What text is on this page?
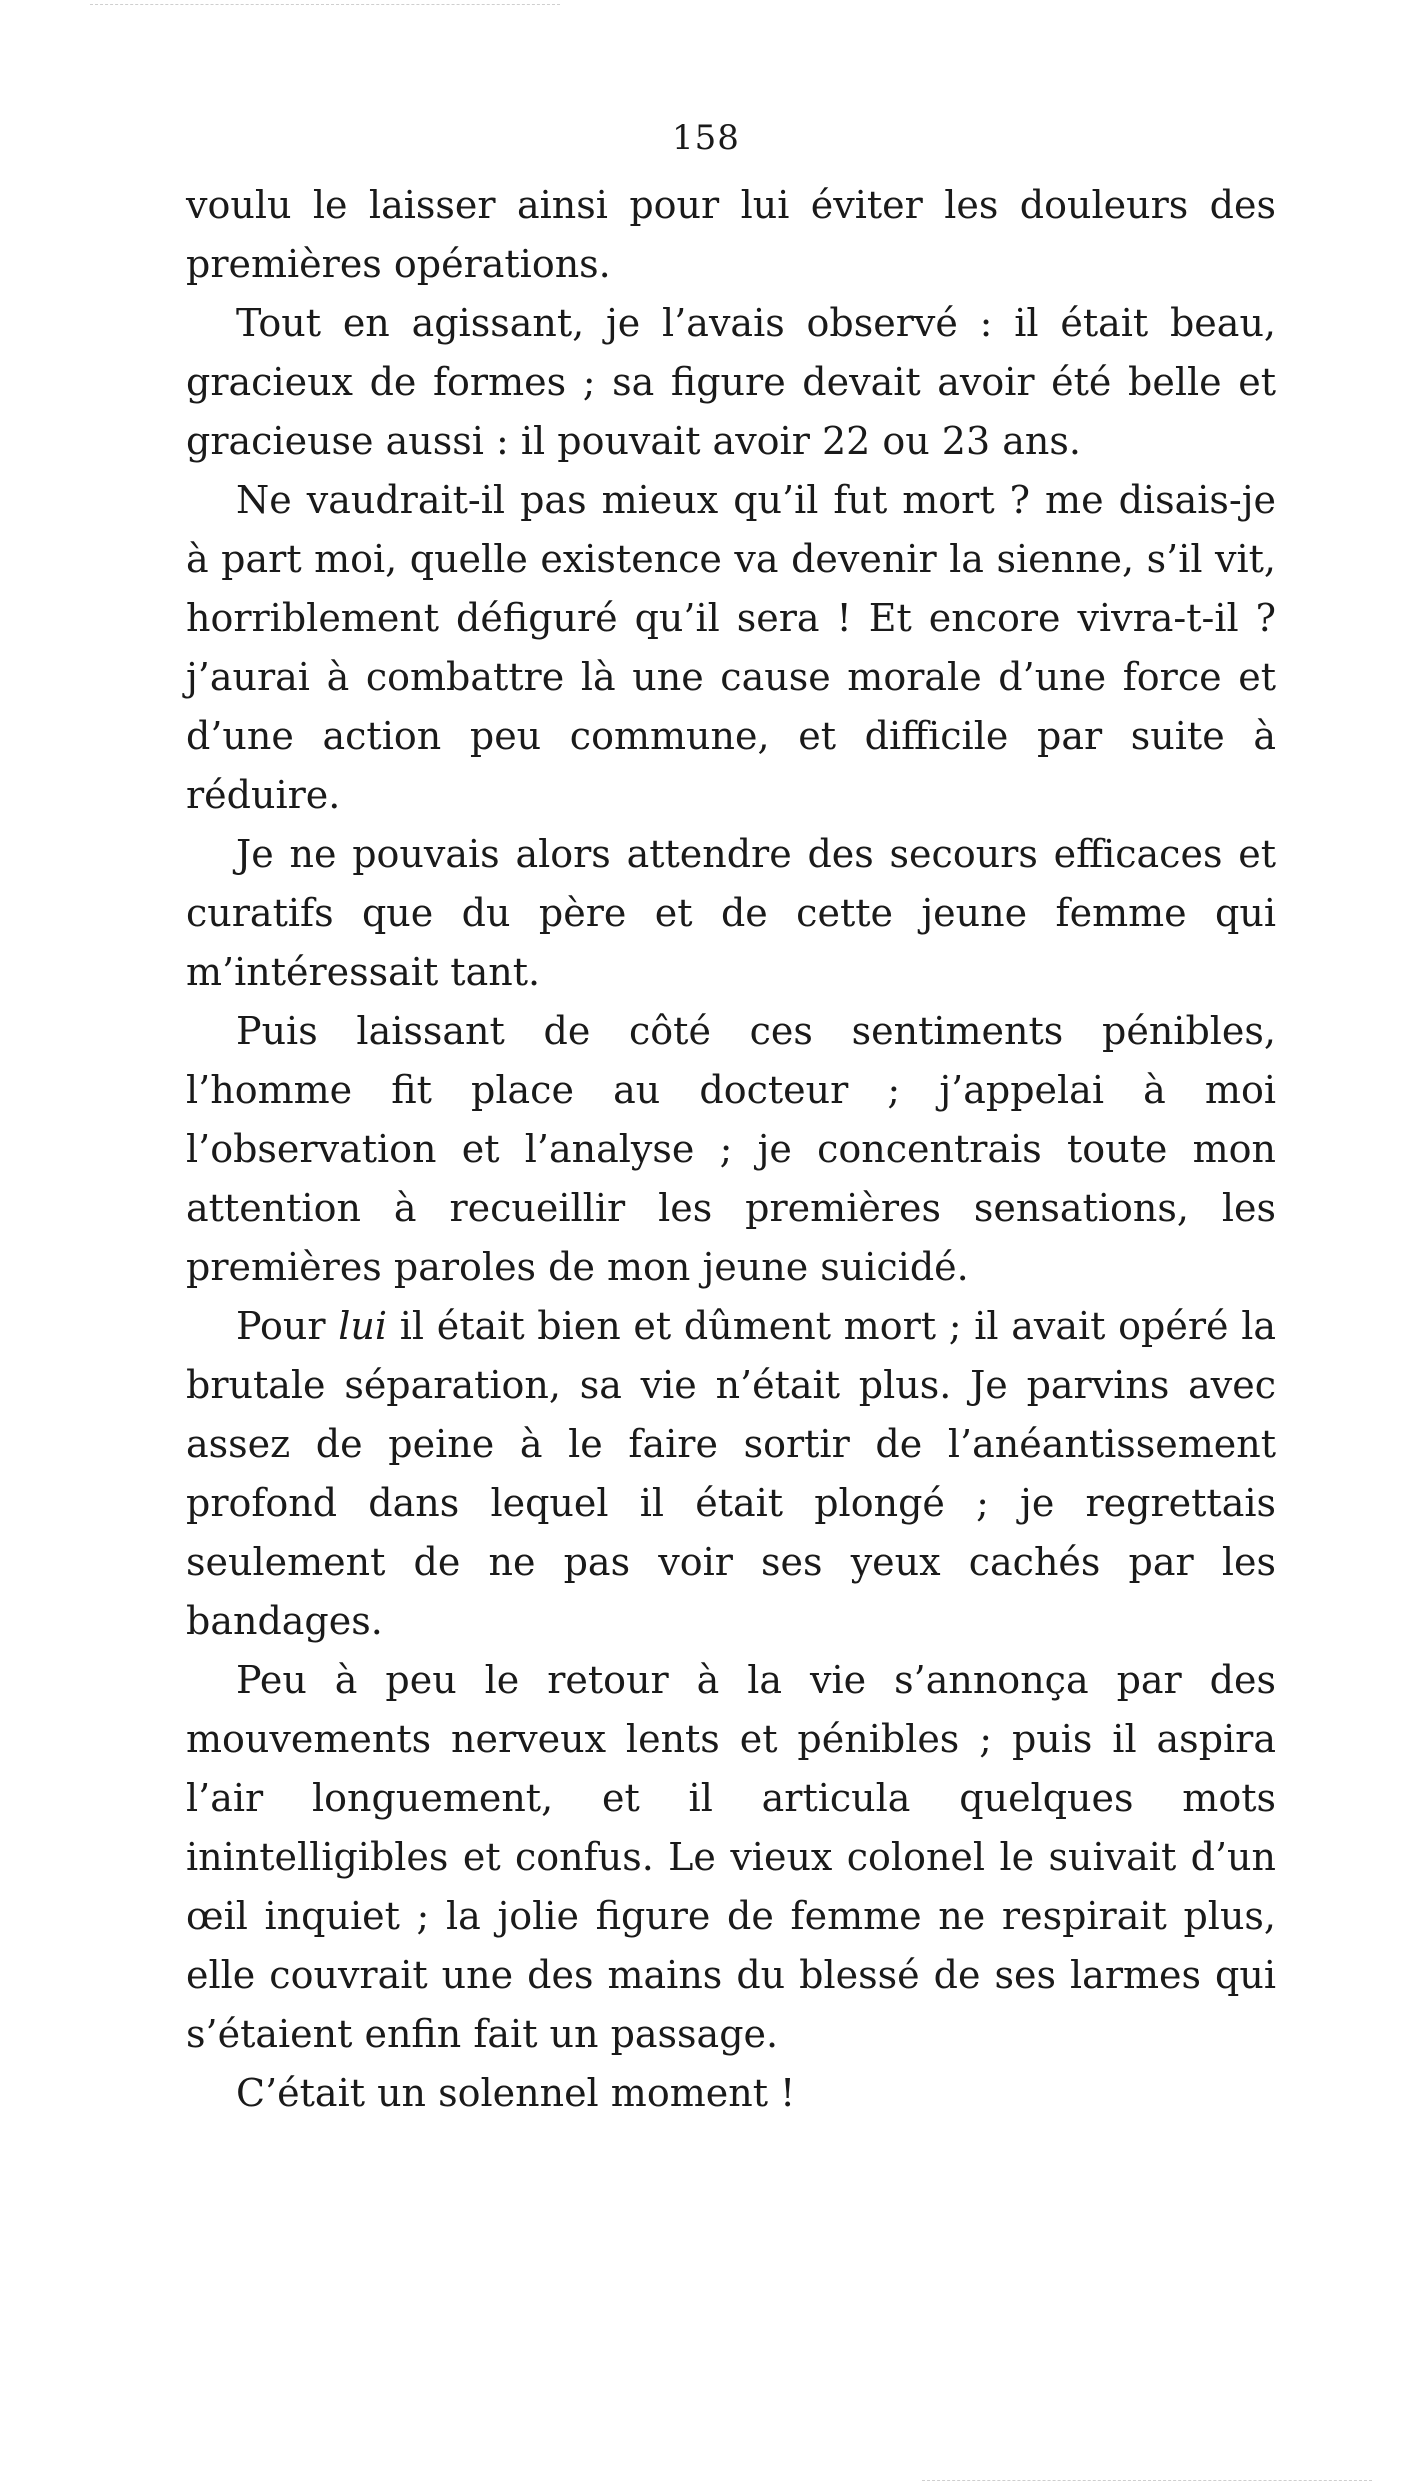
158

voulu le laisser ainsi pour lui éviter les douleurs des premières opérations.

Tout en agissant, je l’avais observé : il était beau, gracieux de formes ; sa figure devait avoir été belle et gracieuse aussi : il pouvait avoir 22 ou 23 ans.

Ne vaudrait-il pas mieux qu’il fut mort ? me disais-je à part moi, quelle existence va devenir la sienne, s’il vit, horriblement défiguré qu’il sera ! Et encore vivra-t-il ? j’aurai à combattre là une cause morale d’une force et d’une action peu commune, et difficile par suite à réduire.

Je ne pouvais alors attendre des secours efficaces et curatifs que du père et de cette jeune femme qui m’intéressait tant.

Puis laissant de côté ces sentiments pénibles, l’homme fit place au docteur ; j’appelai à moi l’observation et l’analyse ; je concentrais toute mon attention à recueillir les premières sensations, les premières paroles de mon jeune suicidé.

Pour lui il était bien et dûment mort ; il avait opéré la brutale séparation, sa vie n’était plus. Je parvins avec assez de peine à le faire sortir de l’anéantissement profond dans lequel il était plongé ; je regrettais seulement de ne pas voir ses yeux cachés par les bandages.

Peu à peu le retour à la vie s’annonça par des mouvements nerveux lents et pénibles ; puis il aspira l’air longuement, et il articula quelques mots inintelligibles et confus. Le vieux colonel le suivait d’un œil inquiet ; la jolie figure de femme ne respirait plus, elle couvrait une des mains du blessé de ses larmes qui s’étaient enfin fait un passage.

C’était un solennel moment !
